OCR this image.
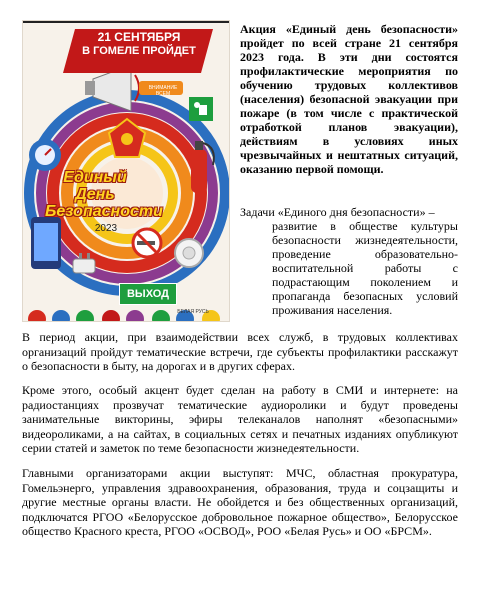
21 СЕНТЯБРЯ
В ГОМЕЛЕ ПРОЙДЕТ
Единый
День
Безопасности
2023
ВЫХОД
ВНИМАНИЕ ВСЕМ
БЕЛАЯ РУСЬ

Акция «Единый день безопасности» пройдет по всей стране 21 сентября 2023 года. В эти дни состоятся профилактические мероприятия по обучению трудовых коллективов (населения) безопасной эвакуации при пожаре (в том числе с практической отработкой планов эвакуации), действиям в условиях иных чрезвычайных и нештатных ситуаций, оказанию первой помощи.

Задачи «Единого дня безопасности» –
развитие в обществе культуры безопасности жизнедеятельности, проведение образовательно-воспитательной работы с подрастающим поколением и пропаганда безопасных условий проживания населения.

В период акции, при взаимодействии всех служб, в трудовых коллективах организаций пройдут тематические встречи, где субъекты профилактики расскажут о безопасности в быту, на дорогах и в других сферах.

Кроме этого, особый акцент будет сделан на работу в СМИ и интернете: на радиостанциях прозвучат тематические аудиоролики и будут проведены занимательные викторины, эфиры телеканалов наполнят «безопасными» видеороликами, а на сайтах, в социальных сетях и печатных изданиях опубликуют серии статей и заметок по теме безопасности жизнедеятельности.

Главными организаторами акции выступят: МЧС, областная прокуратура, Гомельэнерго, управления здравоохранения, образования, труда и соцзащиты и другие местные органы власти. Не обойдется и без общественных организаций, подключатся РГОО «Белорусское добровольное пожарное общество», Белорусское общество Красного креста, РГОО «ОСВОД», РОО «Белая Русь» и ОО «БРСМ».
